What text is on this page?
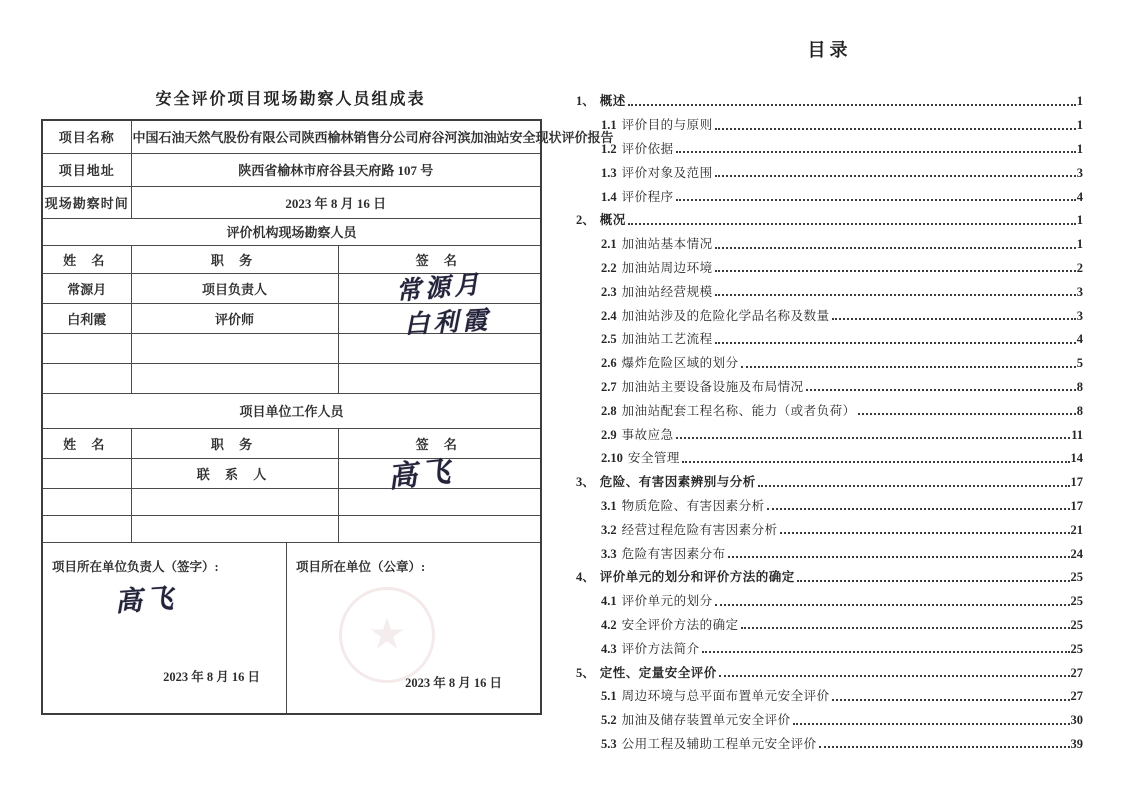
安全评价项目现场勘察人员组成表
项目名称	中国石油天然气股份有限公司陕西榆林销售分公司府谷河滨加油站安全现状评价报告	
项目地址	陕西省榆林市府谷县天府路 107 号	
现场勘察时间	2023 年 8 月 16 日	
评价机构现场勘察人员		
姓 名	职 务	签 名
常源月	项目负责人	常源月
白利霞	评价师	白利霞

项目单位工作人员		
姓 名	职 务	签 名
	联 系 人	高飞

项目所在单位负责人（签字）:
高飞
2023 年 8 月 16 日
项目所在单位（公章）:
★
2023 年 8 月 16 日
目录
1、 概述	1
1.1 评价目的与原则	1
1.2 评价依据	1
1.3 评价对象及范围	3
1.4 评价程序	4
2、 概况	1
2.1 加油站基本情况	1
2.2 加油站周边环境	2
2.3 加油站经营规模	3
2.4 加油站涉及的危险化学品名称及数量	3
2.5 加油站工艺流程	4
2.6 爆炸危险区域的划分	5
2.7 加油站主要设备设施及布局情况	8
2.8 加油站配套工程名称、能力（或者负荷）	8
2.9 事故应急	11
2.10 安全管理	14
3、 危险、有害因素辨别与分析	17
3.1 物质危险、有害因素分析	17
3.2 经营过程危险有害因素分析	21
3.3 危险有害因素分布	24
4、 评价单元的划分和评价方法的确定	25
4.1 评价单元的划分	25
4.2 安全评价方法的确定	25
4.3 评价方法简介	25
5、 定性、定量安全评价	27
5.1 周边环境与总平面布置单元安全评价	27
5.2 加油及储存装置单元安全评价	30
5.3 公用工程及辅助工程单元安全评价	39
